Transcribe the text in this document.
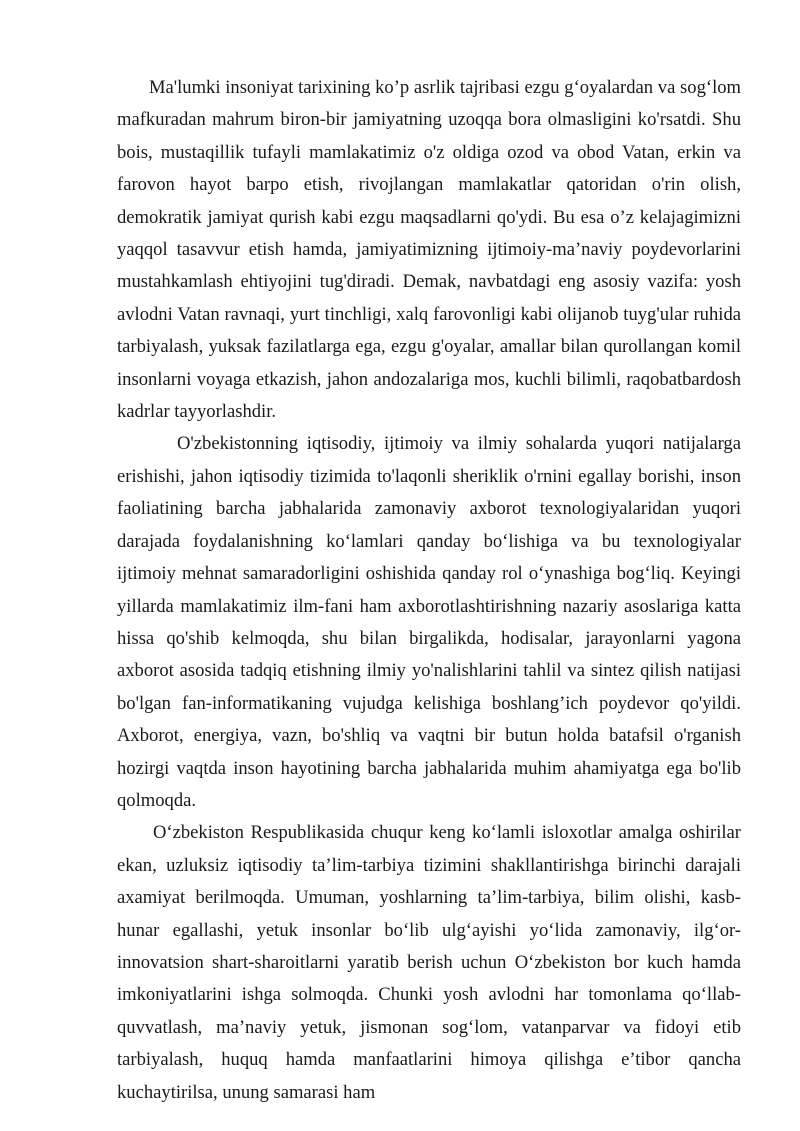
Ma'lumki insoniyat tarixining ko’p asrlik tajribasi ezgu g‘oyalardan va sog‘lom mafkuradan mahrum biron-bir jamiyatning uzoqqa bora olmasligini ko'rsatdi. Shu bois, mustaqillik tufayli mamlakatimiz o'z oldiga ozod va obod Vatan, erkin va farovon hayot barpo etish, rivojlangan mamlakatlar qatoridan o'rin olish, demokratik jamiyat qurish kabi ezgu maqsadlarni qo'ydi. Bu esa o’z kelajagimizni yaqqol tasavvur etish hamda, jamiyatimizning ijtimoiy-ma’naviy poydevorlarini mustahkamlash ehtiyojini tug'diradi. Demak, navbatdagi eng asosiy vazifa: yosh avlodni Vatan ravnaqi, yurt tinchligi, xalq farovonligi kabi olijanob tuyg'ular ruhida tarbiyalash, yuksak fazilatlarga ega, ezgu g'oyalar, amallar bilan qurollangan komil insonlarni voyaga etkazish, jahon andozalariga mos, kuchli bilimli, raqobatbardosh kadrlar tayyorlashdir.

O'zbekistonning iqtisodiy, ijtimoiy va ilmiy sohalarda yuqori natijalarga erishishi, jahon iqtisodiy tizimida to'laqonli sheriklik o'rnini egallay borishi, inson faoliatining barcha jabhalarida zamonaviy axborot texnologiyalaridan yuqori darajada foydalanishning ko‘lamlari qanday bo‘lishiga va bu texnologiyalar ijtimoiy mehnat samaradorligini oshishida qanday rol o‘ynashiga bog‘liq. Keyingi yillarda mamlakatimiz ilm-fani ham axborotlashtirishning nazariy asoslariga katta hissa qo'shib kelmoqda, shu bilan birgalikda, hodisalar, jarayonlarni yagona axborot asosida tadqiq etishning ilmiy yo'nalishlarini tahlil va sintez qilish natijasi bo'lgan fan-informatikaning vujudga kelishiga boshlang’ich poydevor qo'yildi. Axborot, energiya, vazn, bo'shliq va vaqtni bir butun holda batafsil o'rganish hozirgi vaqtda inson hayotining barcha jabhalarida muhim ahamiyatga ega bo'lib qolmoqda.

O‘zbekiston Respublikasida chuqur keng ko‘lamli isloxotlar amalga oshirilar ekan, uzluksiz iqtisodiy ta’lim-tarbiya tizimini shakllantirishga birinchi darajali axamiyat berilmoqda. Umuman, yoshlarning ta’lim-tarbiya, bilim olishi, kasb-hunar egallashi, yetuk insonlar bo‘lib ulg‘ayishi yo‘lida zamonaviy, ilg‘or-innovatsion shart-sharoitlarni yaratib berish uchun O‘zbekiston bor kuch hamda imkoniyatlarini ishga solmoqda. Chunki yosh avlodni har tomonlama qo‘llab-quvvatlash, ma’naviy yetuk, jismonan sog‘lom, vatanparvar va fidoyi etib tarbiyalash, huquq hamda manfaatlarini himoya qilishga e’tibor qancha kuchaytirilsa, unung samarasi ham
